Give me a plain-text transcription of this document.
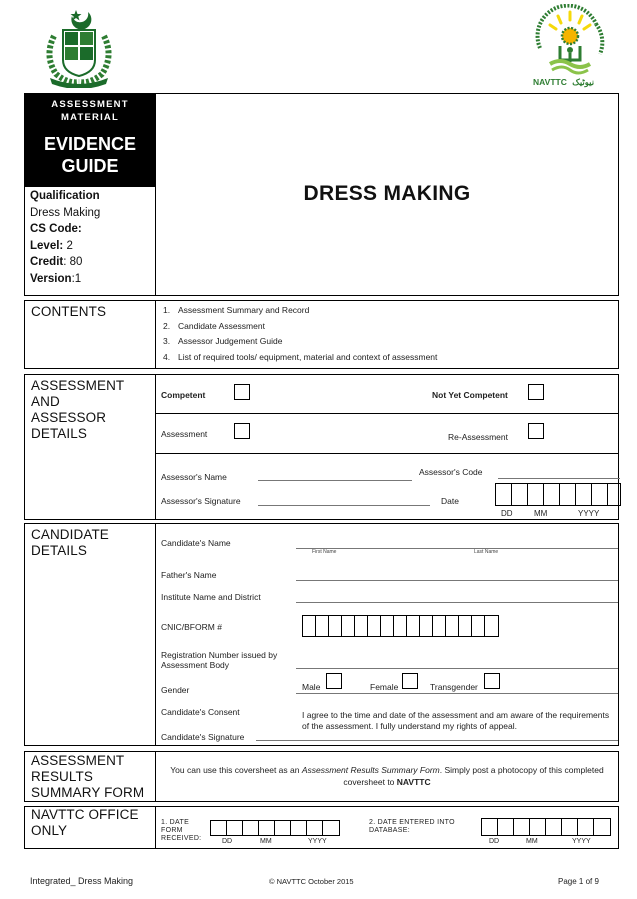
NAVTTC نیوٹیک
ASSESSMENT
MATERIAL
EVIDENCE
GUIDE
Qualification
Dress Making
CS Code:
Level: 2
Credit: 80
Version:1
DRESS MAKING
CONTENTS	1. Assessment Summary and Record
2. Candidate Assessment
3. Assessor Judgement Guide
4. List of required tools/ equipment, material and context of assessment
ASSESSMENT AND
ASSESSOR
DETAILS
Competent	Not Yet Competent
Assessment	Re-Assessment
Assessor's Name	Assessor's Code
Assessor's Signature	Date
DD	MM	YYYY
CANDIDATE
DETAILS	Candidate's Name
First Name	Last Name
Father's Name
Institute Name and District
CNIC/BFORM #
Registration Number issued by
Assessment Body
Gender	Male	Female	Transgender
Candidate's Consent	I agree to the time and date of the assessment and am aware of the requirements
of the assessment. I fully understand my rights of appeal.
Candidate's Signature
ASSESSMENT
RESULTS
SUMMARY FORM
You can use this coversheet as an Assessment Results Summary Form. Simply post a photocopy of this completed
coversheet to NAVTTC
NAVTTC OFFICE
ONLY
1. DATE
FORM
RECEIVED:	DD	MM	YYYY
2. DATE ENTERED INTO
DATABASE:
DD	MM	YYYY
Integrated_ Dress Making	© NAVTTC October 2015	Page 1 of 9
